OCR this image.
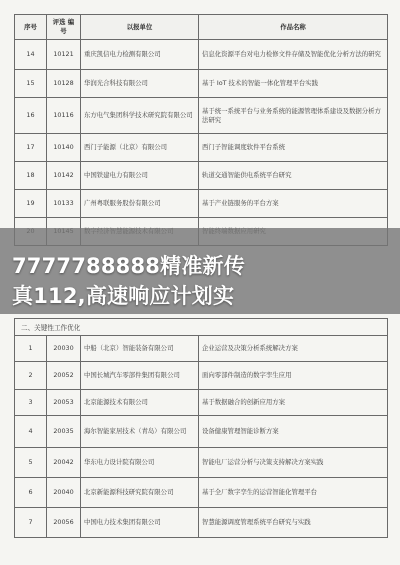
序号	评选 编号	以报单位	作品名称
14	10121	重庆凯信电力检测有限公司	信息化资源平台对电力检修文件存储及智能优化分析方法的研究
15	10128	华润光合科技有限公司	基于 IoT 技术的智能一体化管理平台实践
16	10116	东方电气集团科学技术研究院有限公司	基于统一系统平台与业务系统的能源管理体系建设及数据分析方法研究
17	10140	西门子能源（北京）有限公司	西门子智能调度软件平台系统
18	10142	中国铁建电力有限公司	轨道交通智能供电系统平台研究
19	10133	广州粤联服务股份有限公司	基于产业链服务的平台方案

二、关键性工作优化
1	20030	中船（北京）智能装备有限公司	企业运营及决策分析系统解决方案
2	20052	中国长城汽车零部件集团有限公司	面向零部件制造的数字孪生应用
3	20053	北京能源技术有限公司	基于数据融合的创新应用方案
4	20035	海尔智能家居技术（青岛）有限公司	设备健康管理智能诊断方案
5	20042	华东电力设计院有限公司	智能电厂运营分析与决策支持解决方案实践
6	20040	北京新能源科技研究院有限公司	基于全厂数字孪生的运营智能化管理平台
7	20056	中国电力技术集团有限公司	智慧能源调度管理系统平台研究与实践
7777788888精准新传
真112,高速响应计划实
